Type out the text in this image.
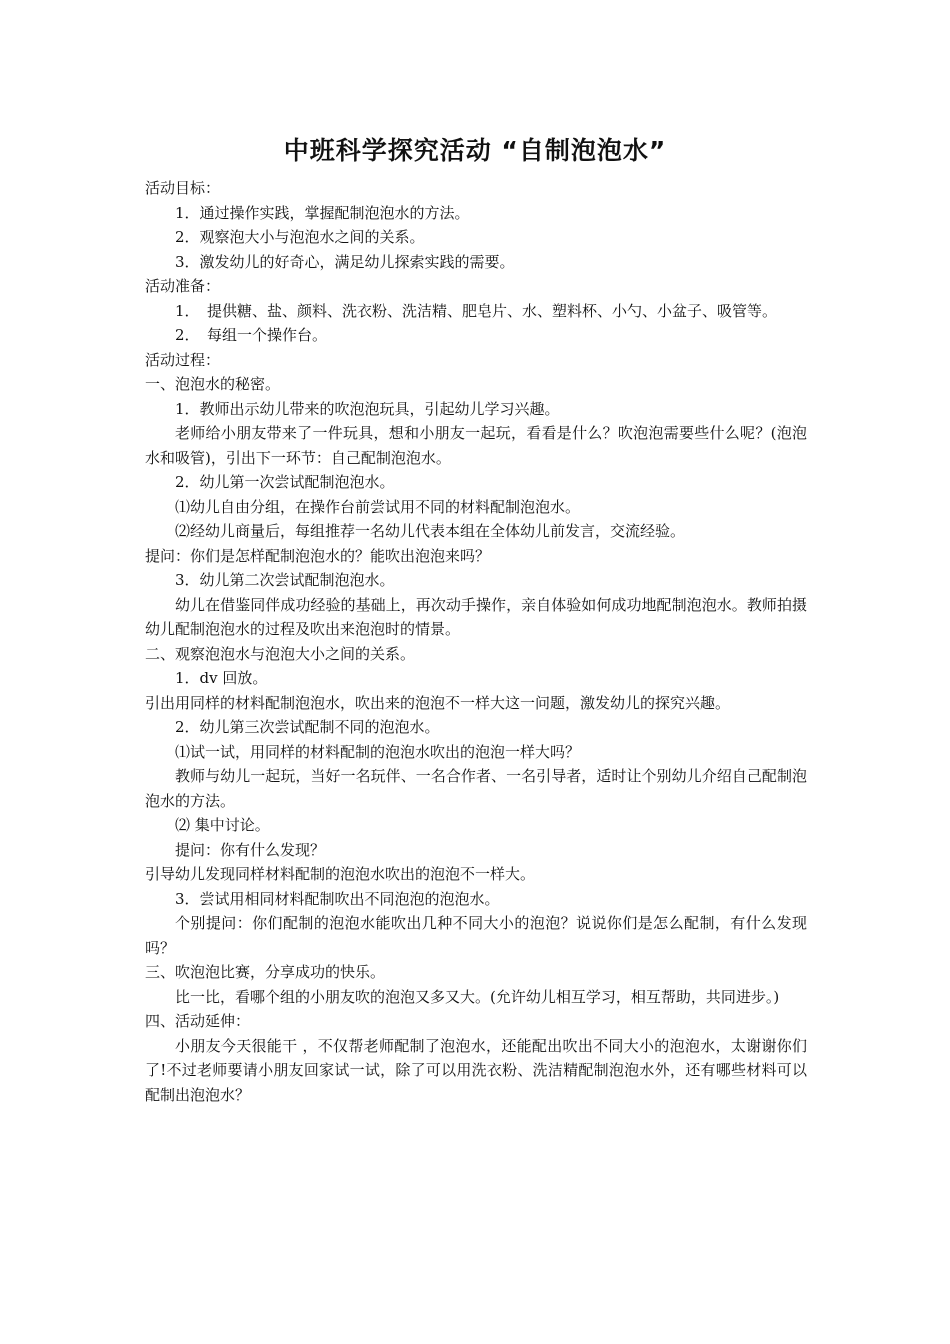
中班科学探究活动 “自制泡泡水”

活动目标：

1．通过操作实践，掌握配制泡泡水的方法。

2．观察泡大小与泡泡水之间的关系。

3．激发幼儿的好奇心，满足幼儿探索实践的需要。

活动准备：

1．　提供糖、盐、颜料、洗衣粉、洗洁精、肥皂片、水、塑料杯、小勺、小盆子、吸管等。

2．　每组一个操作台。

活动过程：

一、泡泡水的秘密。

1．教师出示幼儿带来的吹泡泡玩具，引起幼儿学习兴趣。

老师给小朋友带来了一件玩具，想和小朋友一起玩，看看是什么？吹泡泡需要些什么呢？(泡泡水和吸管)，引出下一环节：自己配制泡泡水。

2．幼儿第一次尝试配制泡泡水。

⑴幼儿自由分组，在操作台前尝试用不同的材料配制泡泡水。

⑵经幼儿商量后，每组推荐一名幼儿代表本组在全体幼儿前发言，交流经验。

提问：你们是怎样配制泡泡水的？能吹出泡泡来吗？

3．幼儿第二次尝试配制泡泡水。

幼儿在借鉴同伴成功经验的基础上，再次动手操作，亲自体验如何成功地配制泡泡水。教师拍摄幼儿配制泡泡水的过程及吹出来泡泡时的情景。

二、观察泡泡水与泡泡大小之间的关系。

1．dv 回放。

引出用同样的材料配制泡泡水，吹出来的泡泡不一样大这一问题，激发幼儿的探究兴趣。

2．幼儿第三次尝试配制不同的泡泡水。

⑴试一试，用同样的材料配制的泡泡水吹出的泡泡一样大吗？

教师与幼儿一起玩，当好一名玩伴、一名合作者、一名引导者，适时让个别幼儿介绍自己配制泡泡水的方法。

⑵ 集中讨论。

提问：你有什么发现？

引导幼儿发现同样材料配制的泡泡水吹出的泡泡不一样大。

3．尝试用相同材料配制吹出不同泡泡的泡泡水。

个别提问：你们配制的泡泡水能吹出几种不同大小的泡泡？说说你们是怎么配制，有什么发现吗？

三、吹泡泡比赛，分享成功的快乐。

比一比，看哪个组的小朋友吹的泡泡又多又大。(允许幼儿相互学习，相互帮助，共同进步。)

四、活动延伸：

小朋友今天很能干 ，不仅帮老师配制了泡泡水，还能配出吹出不同大小的泡泡水，太谢谢你们了!不过老师要请小朋友回家试一试，除了可以用洗衣粉、洗洁精配制泡泡水外，还有哪些材料可以配制出泡泡水？
